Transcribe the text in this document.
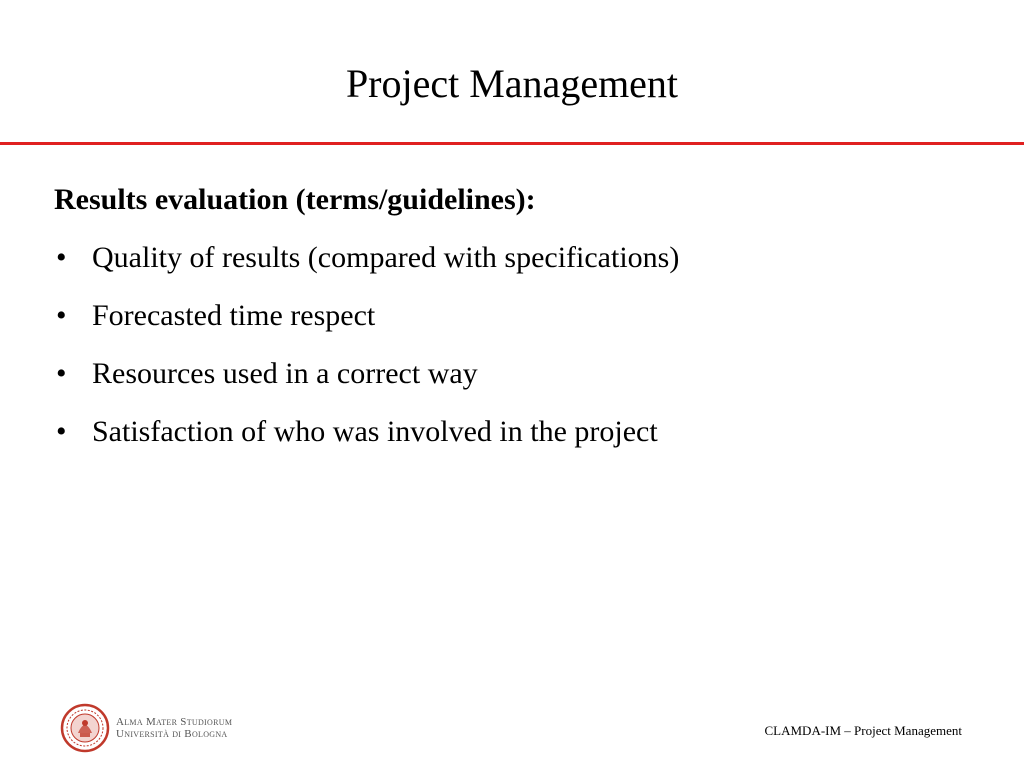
Project Management

Results evaluation (terms/guidelines):

• Quality of results (compared with specifications)
• Forecasted time respect
• Resources used in a correct way
• Satisfaction of who was involved in the project
Alma Mater Studiorum
Università di Bologna	CLAMDA-IM – Project Management
